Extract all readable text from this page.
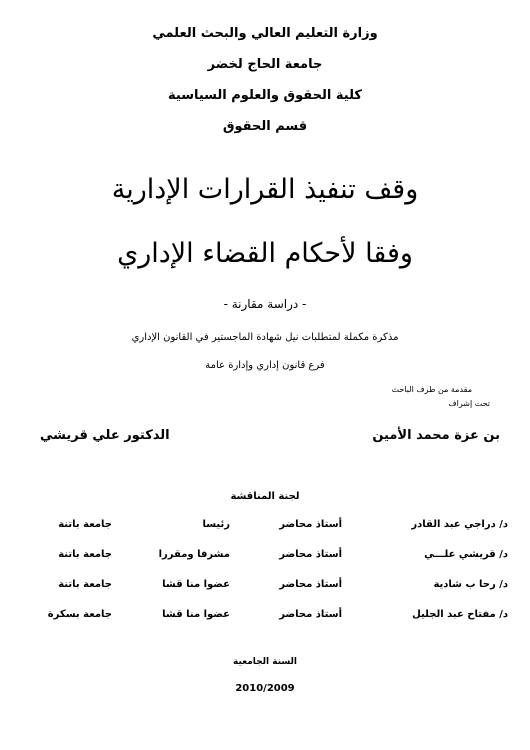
وزارة التعليم العالي والبحث العلمي
جامعة الحاج لخضر
كلية الحقوق والعلوم السياسية
قسم الحقوق
وقف تنفيذ القرارات الإدارية
وفقا لأحكام القضاء الإداري
- دراسة مقارنة -
مذكرة مكملة لمتطلبات نيل شهادة الماجستير في القانون الإداري
فرع قانون إداري وإدارة عامة
مقدمة من طرف الباحث
تحت إشراف
بن عزة محمد الأمين
الدكتور علي قريشي
لجنة المناقشة
د/ دراجي عبد القادر
أستاذ محاضر
رئيسا
جامعة باتنة
د/ قريشي علـــي
أستاذ محاضر
مشرفا ومقررا
جامعة باتنة
د/ رحا ب شادية
أستاذ محاضر
عضوا منا قشا
جامعة باتنة
د/ مفتاح عبد الجليل
أستاذ محاضر
عضوا منا قشا
جامعة بسكرة
السنة الجامعية
2010/2009
